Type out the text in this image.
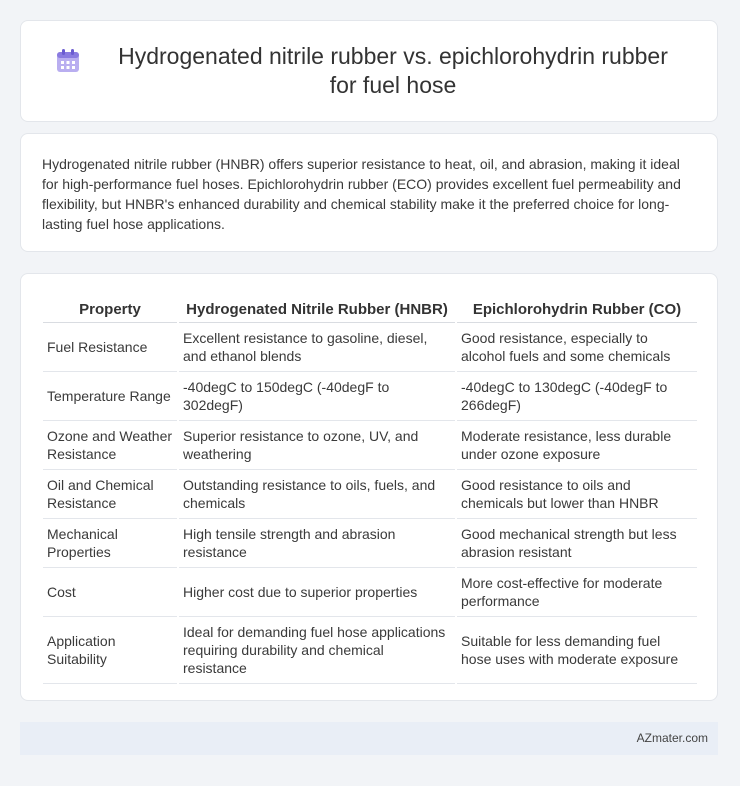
Hydrogenated nitrile rubber vs. epichlorohydrin rubber for fuel hose

Hydrogenated nitrile rubber (HNBR) offers superior resistance to heat, oil, and abrasion, making it ideal for high-performance fuel hoses. Epichlorohydrin rubber (ECO) provides excellent fuel permeability and flexibility, but HNBR's enhanced durability and chemical stability make it the preferred choice for long-lasting fuel hose applications.

Property	Hydrogenated Nitrile Rubber (HNBR)	Epichlorohydrin Rubber (CO)
Fuel Resistance	Excellent resistance to gasoline, diesel, and ethanol blends	Good resistance, especially to alcohol fuels and some chemicals
Temperature Range	-40degC to 150degC (-40degF to 302degF)	-40degC to 130degC (-40degF to 266degF)
Ozone and Weather Resistance	Superior resistance to ozone, UV, and weathering	Moderate resistance, less durable under ozone exposure
Oil and Chemical Resistance	Outstanding resistance to oils, fuels, and chemicals	Good resistance to oils and chemicals but lower than HNBR
Mechanical Properties	High tensile strength and abrasion resistance	Good mechanical strength but less abrasion resistant
Cost	Higher cost due to superior properties	More cost-effective for moderate performance
Application Suitability	Ideal for demanding fuel hose applications requiring durability and chemical resistance	Suitable for less demanding fuel hose uses with moderate exposure
AZmater.com
